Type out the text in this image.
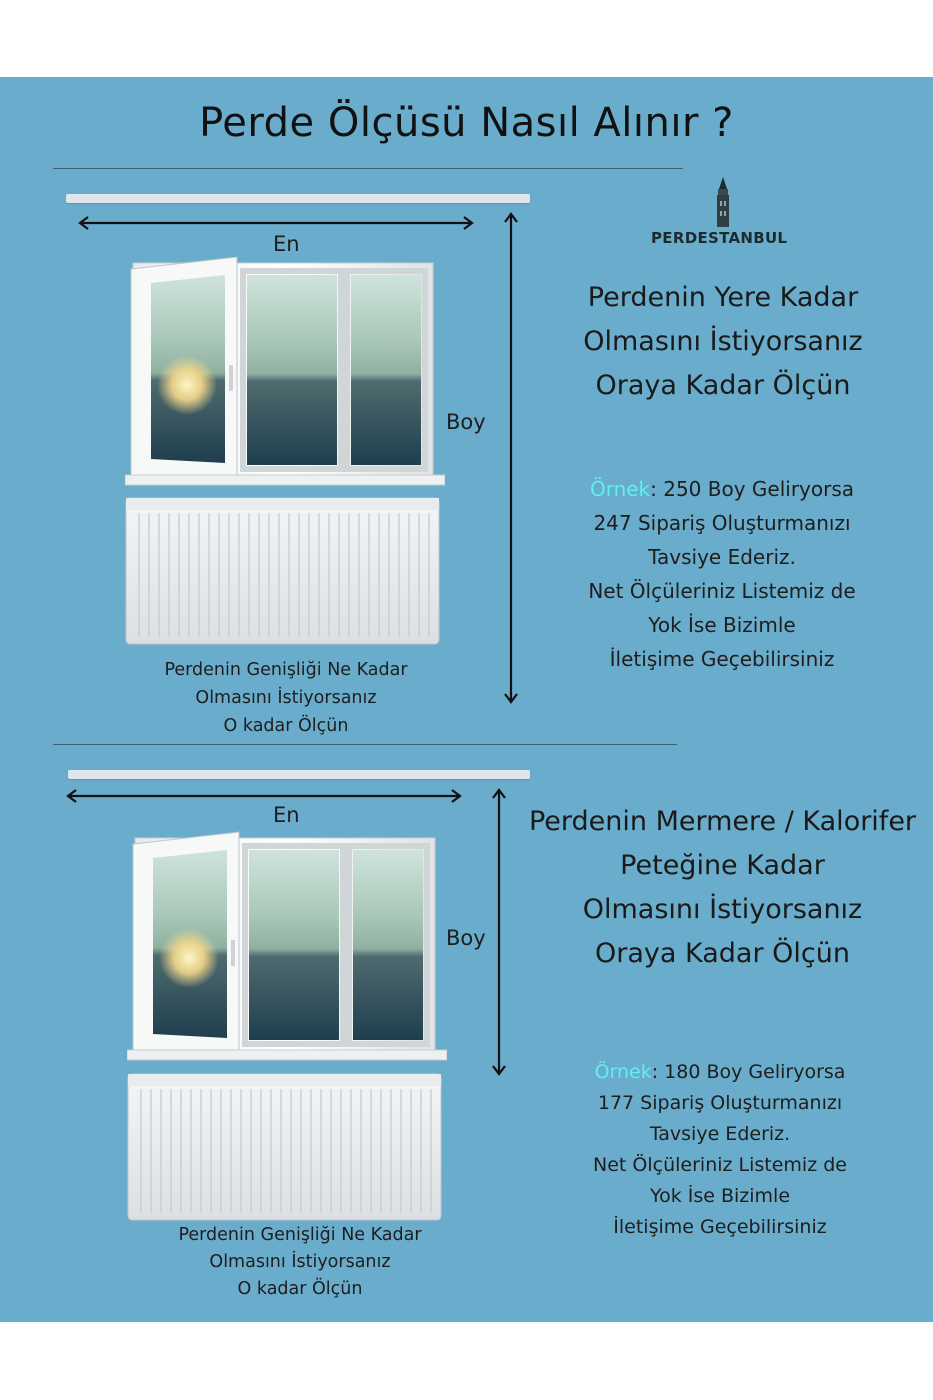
Perde Ölçüsü Nasıl Alınır ?
En
Boy
Perdenin Genişliği Ne Kadar
Olmasını İstiyorsanız
O kadar Ölçün
PERDESTANBUL
Perdenin Yere Kadar
Olmasını İstiyorsanız
Oraya Kadar Ölçün
Örnek: 250 Boy Geliryorsa
247 Sipariş Oluşturmanızı
Tavsiye Ederiz.
Net Ölçüleriniz Listemiz de
Yok İse Bizimle
İletişime Geçebilirsiniz
En
Boy
Perdenin Genişliği Ne Kadar
Olmasını İstiyorsanız
O kadar Ölçün
Perdenin Mermere / Kalorifer
Peteğine Kadar
Olmasını İstiyorsanız
Oraya Kadar Ölçün
Örnek: 180 Boy Geliryorsa
177 Sipariş Oluşturmanızı
Tavsiye Ederiz.
Net Ölçüleriniz Listemiz de
Yok İse Bizimle
İletişime Geçebilirsiniz
